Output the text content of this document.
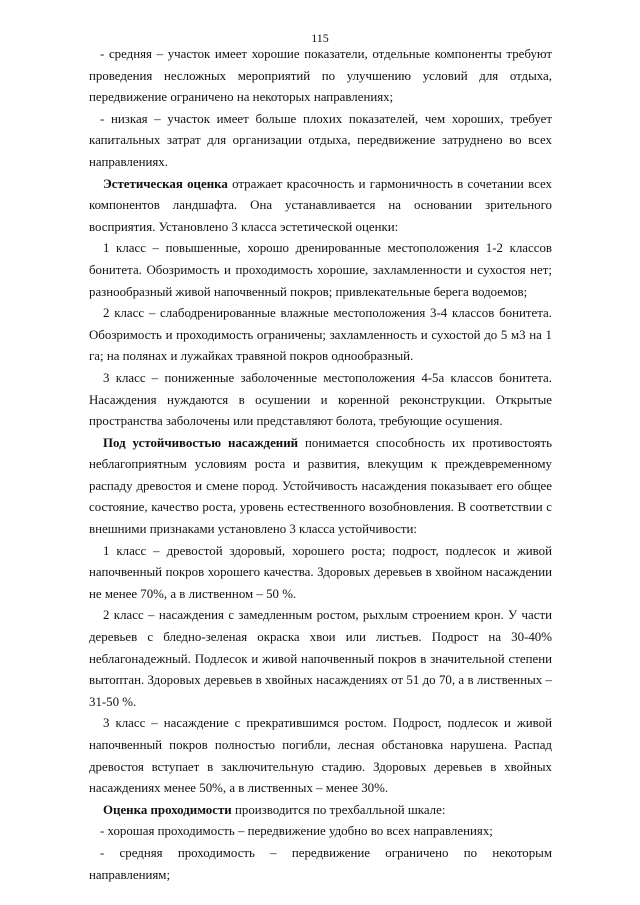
115

- средняя – участок имеет хорошие показатели, отдельные компоненты требуют проведения несложных мероприятий по улучшению условий для отдыха, передвижение ограничено на некоторых направлениях;

- низкая – участок имеет больше плохих показателей, чем хороших, требует капитальных затрат для организации отдыха, передвижение затруднено во всех направлениях.

Эстетическая оценка отражает красочность и гармоничность в сочетании всех компонентов ландшафта. Она устанавливается на основании зрительного восприятия. Установлено 3 класса эстетической оценки:

1 класс – повышенные, хорошо дренированные местоположения 1-2 классов бонитета. Обозримость и проходимость хорошие, захламленности и сухостоя нет; разнообразный живой напочвенный покров; привлекательные берега водоемов;

2 класс – слабодренированные влажные местоположения 3-4 классов бонитета. Обозримость и проходимость ограничены; захламленность и сухостой до 5 м3 на 1 га; на полянах и лужайках травяной покров однообразный.

3 класс – пониженные заболоченные местоположения 4-5а классов бонитета. Насаждения нуждаются в осушении и коренной реконструкции. Открытые пространства заболочены или представляют болота, требующие осушения.

Под устойчивостью насаждений понимается способность их противостоять неблагоприятным условиям роста и развития, влекущим к преждевременному распаду древостоя и смене пород. Устойчивость насаждения показывает его общее состояние, качество роста, уровень естественного возобновления. В соответствии с внешними признаками установлено 3 класса устойчивости:

1 класс – древостой здоровый, хорошего роста; подрост, подлесок и живой напочвенный покров хорошего качества. Здоровых деревьев в хвойном насаждении не менее 70%, а в лиственном – 50 %.

2 класс – насаждения с замедленным ростом, рыхлым строением крон. У части деревьев с бледно-зеленая окраска хвои или листьев. Подрост на 30-40% неблагонадежный. Подлесок и живой напочвенный покров в значительной степени вытоптан. Здоровых деревьев в хвойных насаждениях от 51 до 70, а в лиственных – 31-50 %.

3 класс – насаждение с прекратившимся ростом. Подрост, подлесок и живой напочвенный покров полностью погибли, лесная обстановка нарушена. Распад древостоя вступает в заключительную стадию. Здоровых деревьев в хвойных насаждениях менее 50%, а в лиственных – менее 30%.

Оценка проходимости производится по трехбалльной шкале:

- хорошая проходимость – передвижение удобно во всех направлениях;

- средняя проходимость – передвижение ограничено по некоторым направлениям;
